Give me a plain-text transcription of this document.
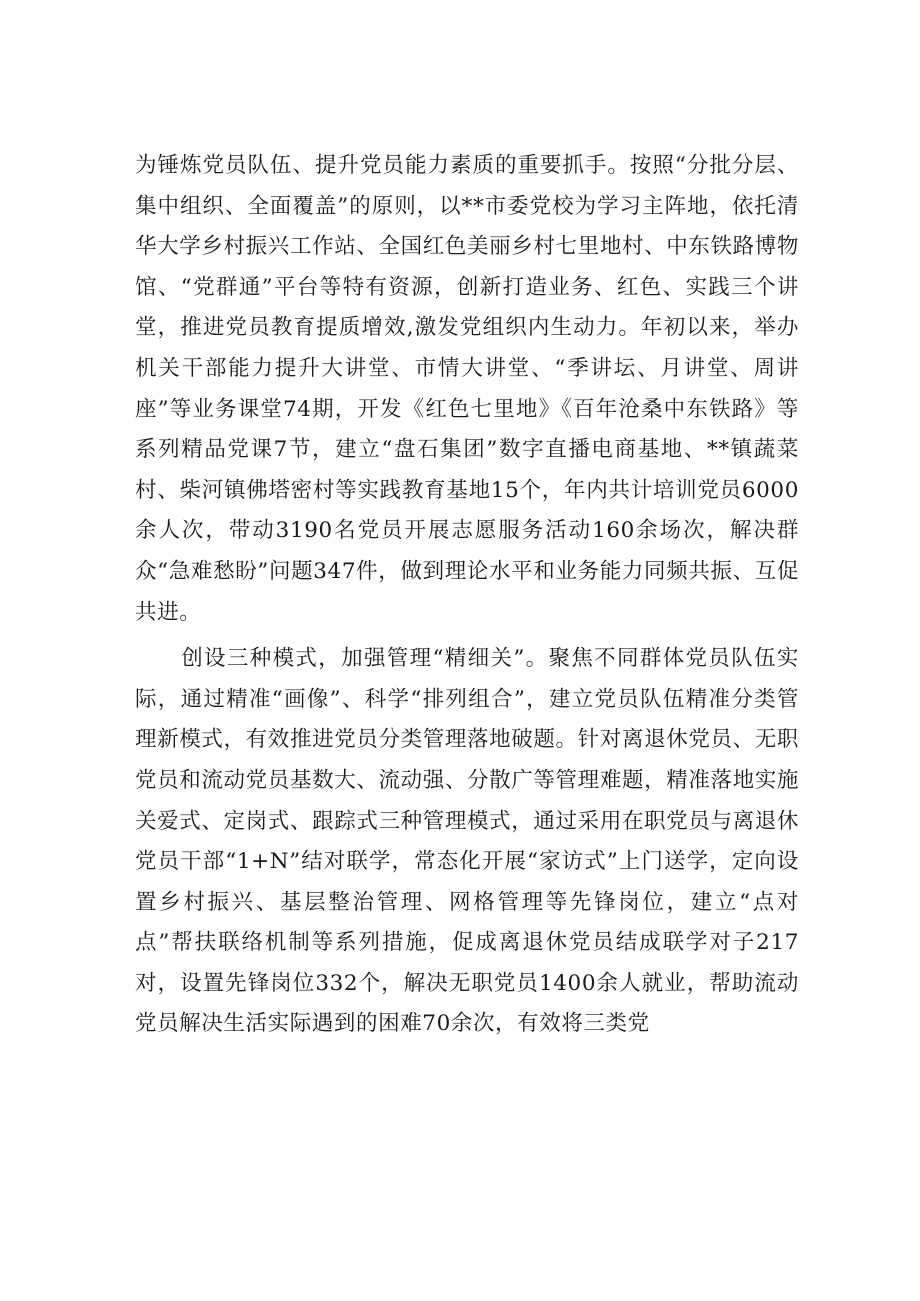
为锤炼党员队伍、提升党员能力素质的重要抓手。按照“分批分层、集中组织、全面覆盖”的原则，以**市委党校为学习主阵地，依托清华大学乡村振兴工作站、全国红色美丽乡村七里地村、中东铁路博物馆、“党群通”平台等特有资源，创新打造业务、红色、实践三个讲堂，推进党员教育提质增效,激发党组织内生动力。年初以来，举办机关干部能力提升大讲堂、市情大讲堂、“季讲坛、月讲堂、周讲座”等业务课堂74期，开发《红色七里地》《百年沧桑中东铁路》等系列精品党课7节，建立“盘石集团”数字直播电商基地、**镇蔬菜村、柴河镇佛塔密村等实践教育基地15个，年内共计培训党员6000余人次，带动3190名党员开展志愿服务活动160余场次，解决群众“急难愁盼”问题347件，做到理论水平和业务能力同频共振、互促共进。

创设三种模式，加强管理“精细关”。聚焦不同群体党员队伍实际，通过精准“画像”、科学“排列组合”，建立党员队伍精准分类管理新模式，有效推进党员分类管理落地破题。针对离退休党员、无职党员和流动党员基数大、流动强、分散广等管理难题，精准落地实施关爱式、定岗式、跟踪式三种管理模式，通过采用在职党员与离退休党员干部“1+N”结对联学，常态化开展“家访式”上门送学，定向设置乡村振兴、基层整治管理、网格管理等先锋岗位，建立“点对点”帮扶联络机制等系列措施，促成离退休党员结成联学对子217对，设置先锋岗位332个，解决无职党员1400余人就业，帮助流动党员解决生活实际遇到的困难70余次，有效将三类党
